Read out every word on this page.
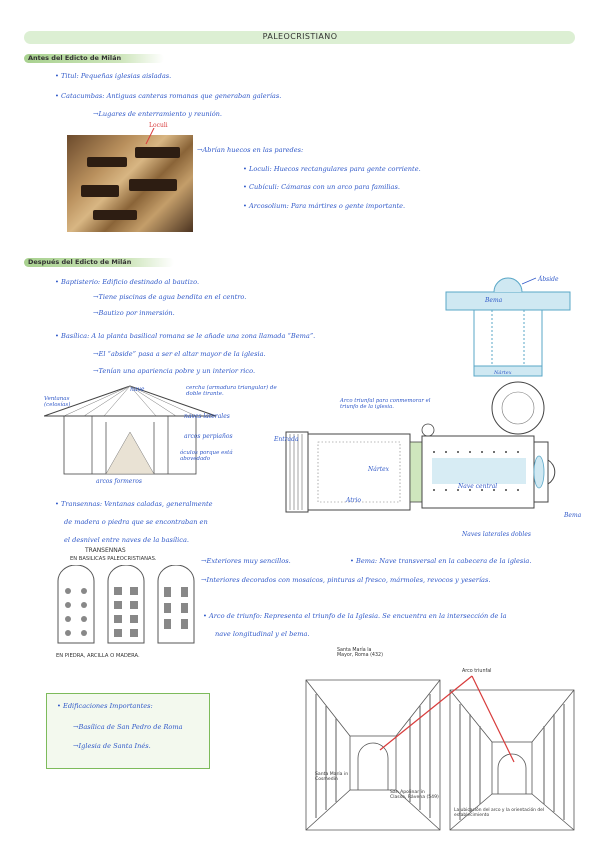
PALEOCRISTIANO
Antes del Edicto de Milán
• Titul: Pequeñas iglesias aisladas.
• Catacumbas: Antiguas canteras romanas que generaban galerías.
→Lugares de enterramiento y reunión.
Loculi
→Abrían huecos en las paredes:
• Loculi: Huecos rectangulares para gente corriente.
• Cubículi: Cámaras con un arco para familias.
• Arcosolium: Para mártires o gente importante.
Después del Edicto de Milán
• Baptisterio: Edificio destinado al bautizo.
→Tiene piscinas de agua bendita en el centro.
→Bautizo por inmersión.
• Basílica: A la planta basilical romana se le añade una zona llamada “Bema”.
→El “abside” pasa a ser el altar mayor de la iglesia.
→Tenían una apariencia pobre y un interior rico.
Ábside
Bema
Nártex
nave	cercha (armadura triangular) de doble tirante.
Ventanas (celosías)
naves laterales
arcos perpiaños
óculos porque está abovedado
arcos formeros
Arco triunfal para conmemorar el triunfo de la iglesia.
Entrada
Nártex
Atrio
Nave central
Naves laterales dobles
Bema
• Transennas: Ventanas caladas, generalmente
de madera o piedra que se encontraban en
el desnivel entre naves de la basílica.
TRANSENNAS
EN BASILICAS PALEOCRISTIANAS.
EN PIEDRA, ARCILLA O MADERA.
→Exteriores muy sencillos.	• Bema: Nave transversal en la cabecera de la iglesia.
→Interiores decorados con mosaicos, pinturas al fresco, mármoles, revocos y yeserías.
• Arco de triunfo: Representa el triunfo de la Iglesia. Se encuentra en la intersección de la
nave longitudinal y el bema.
• Edificaciones Importantes:
→Basílica de San Pedro de Roma
→Iglesia de Santa Inés.
Santa María la Mayor, Roma (432)
Arco triunfal
Santa María in Cosmedin
San Apolinar in Classe, Rávena (549)
La ubicación del arco y la orientación del establecimiento
